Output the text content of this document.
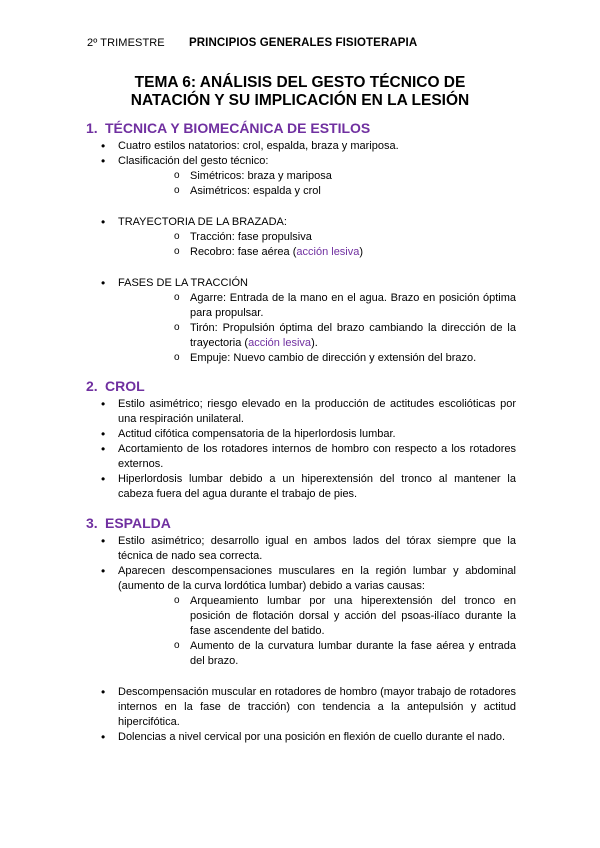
2º TRIMESTRE PRINCIPIOS GENERALES FISIOTERAPIA
TEMA 6: ANÁLISIS DEL GESTO TÉCNICO DE
NATACIÓN Y SU IMPLICACIÓN EN LA LESIÓN
1. TÉCNICA Y BIOMECÁNICA DE ESTILOS
• Cuatro estilos natatorios: crol, espalda, braza y mariposa.
• Clasificación del gesto técnico:
o Simétricos: braza y mariposa
o Asimétricos: espalda y crol
• TRAYECTORIA DE LA BRAZADA:
o Tracción: fase propulsiva
o Recobro: fase aérea (acción lesiva)
• FASES DE LA TRACCIÓN
o Agarre: Entrada de la mano en el agua. Brazo en posición óptima para propulsar.
o Tirón: Propulsión óptima del brazo cambiando la dirección de la trayectoria (acción lesiva).
o Empuje: Nuevo cambio de dirección y extensión del brazo.
2. CROL
• Estilo asimétrico; riesgo elevado en la producción de actitudes escolióticas por una respiración unilateral.
• Actitud cifótica compensatoria de la hiperlordosis lumbar.
• Acortamiento de los rotadores internos de hombro con respecto a los rotadores externos.
• Hiperlordosis lumbar debido a un hiperextensión del tronco al mantener la cabeza fuera del agua durante el trabajo de pies.
3. ESPALDA
• Estilo asimétrico; desarrollo igual en ambos lados del tórax siempre que la técnica de nado sea correcta.
• Aparecen descompensaciones musculares en la región lumbar y abdominal (aumento de la curva lordótica lumbar) debido a varias causas:
o Arqueamiento lumbar por una hiperextensión del tronco en posición de flotación dorsal y acción del psoas-ilíaco durante la fase ascendente del batido.
o Aumento de la curvatura lumbar durante la fase aérea y entrada del brazo.
• Descompensación muscular en rotadores de hombro (mayor trabajo de rotadores internos en la fase de tracción) con tendencia a la antepulsión y actitud hipercifótica.
• Dolencias a nivel cervical por una posición en flexión de cuello durante el nado.
